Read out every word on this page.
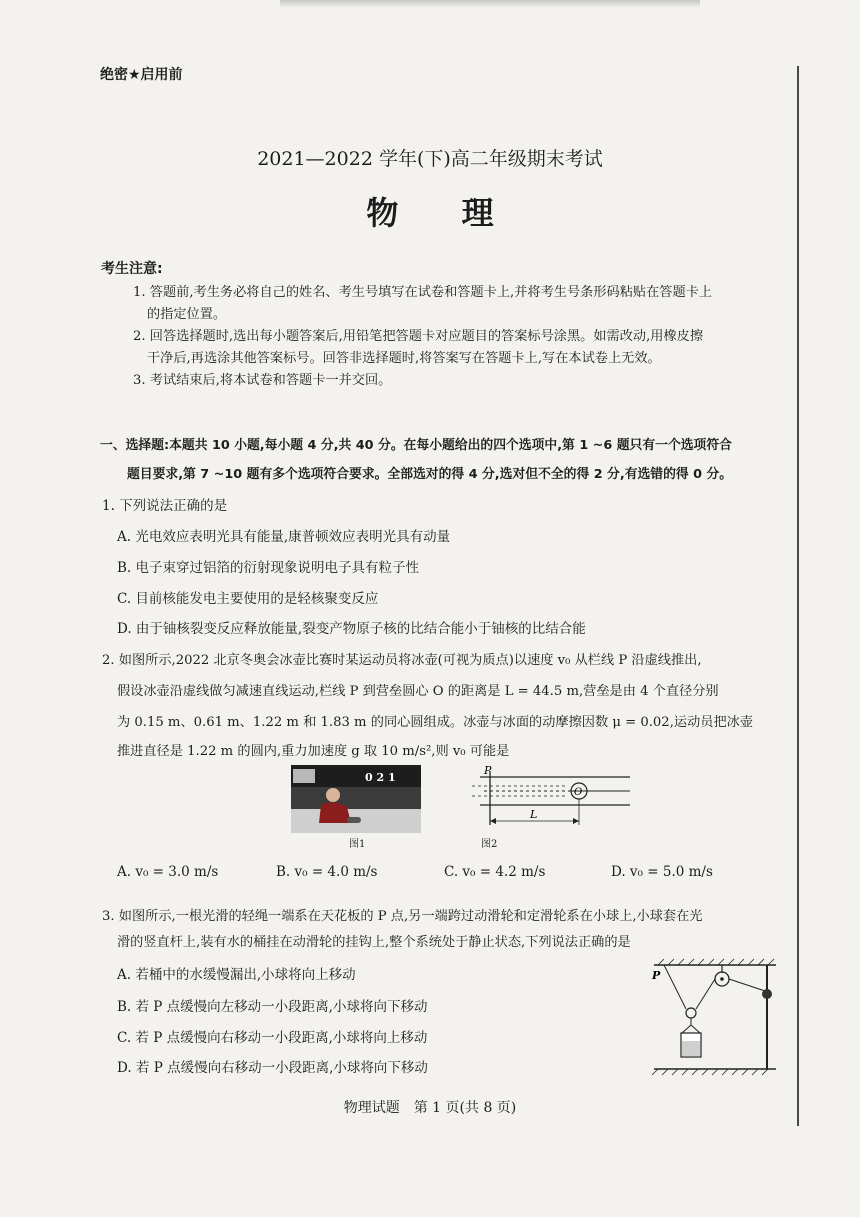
绝密★启用前
2021—2022 学年(下)高二年级期末考试
物 理
考生注意:
1. 答题前,考生务必将自己的姓名、考生号填写在试卷和答题卡上,并将考生号条形码粘贴在答题卡上
的指定位置。
2. 回答选择题时,选出每小题答案后,用铅笔把答题卡对应题目的答案标号涂黑。如需改动,用橡皮擦
干净后,再选涂其他答案标号。回答非选择题时,将答案写在答题卡上,写在本试卷上无效。
3. 考试结束后,将本试卷和答题卡一并交回。
一、选择题:本题共 10 小题,每小题 4 分,共 40 分。在每小题给出的四个选项中,第 1 ~6 题只有一个选项符合
题目要求,第 7 ~10 题有多个选项符合要求。全部选对的得 4 分,选对但不全的得 2 分,有选错的得 0 分。
1. 下列说法正确的是
A. 光电效应表明光具有能量,康普顿效应表明光具有动量
B. 电子束穿过铝箔的衍射现象说明电子具有粒子性
C. 目前核能发电主要使用的是轻核聚变反应
D. 由于铀核裂变反应释放能量,裂变产物原子核的比结合能小于铀核的比结合能
2. 如图所示,2022 北京冬奥会冰壶比赛时某运动员将冰壶(可视为质点)以速度 v₀ 从栏线 P 沿虚线推出,
假设冰壶沿虚线做匀减速直线运动,栏线 P 到营垒圆心 O 的距离是 L = 44.5 m,营垒是由 4 个直径分别
为 0.15 m、0.61 m、1.22 m 和 1.83 m 的同心圆组成。冰壶与冰面的动摩擦因数 μ = 0.02,运动员把冰壶
推进直径是 1.22 m 的圆内,重力加速度 g 取 10 m/s²,则 v₀ 可能是
0 2 1
图1
P
O
L
图2
A. v₀ = 3.0 m/s	B. v₀ = 4.0 m/s	C. v₀ = 4.2 m/s	D. v₀ = 5.0 m/s
3. 如图所示,一根光滑的轻绳一端系在天花板的 P 点,另一端跨过动滑轮和定滑轮系在小球上,小球套在光
滑的竖直杆上,装有水的桶挂在动滑轮的挂钩上,整个系统处于静止状态,下列说法正确的是
A. 若桶中的水缓慢漏出,小球将向上移动
B. 若 P 点缓慢向左移动一小段距离,小球将向下移动
C. 若 P 点缓慢向右移动一小段距离,小球将向上移动
D. 若 P 点缓慢向右移动一小段距离,小球将向下移动
P
物理试题　第 1 页(共 8 页)
